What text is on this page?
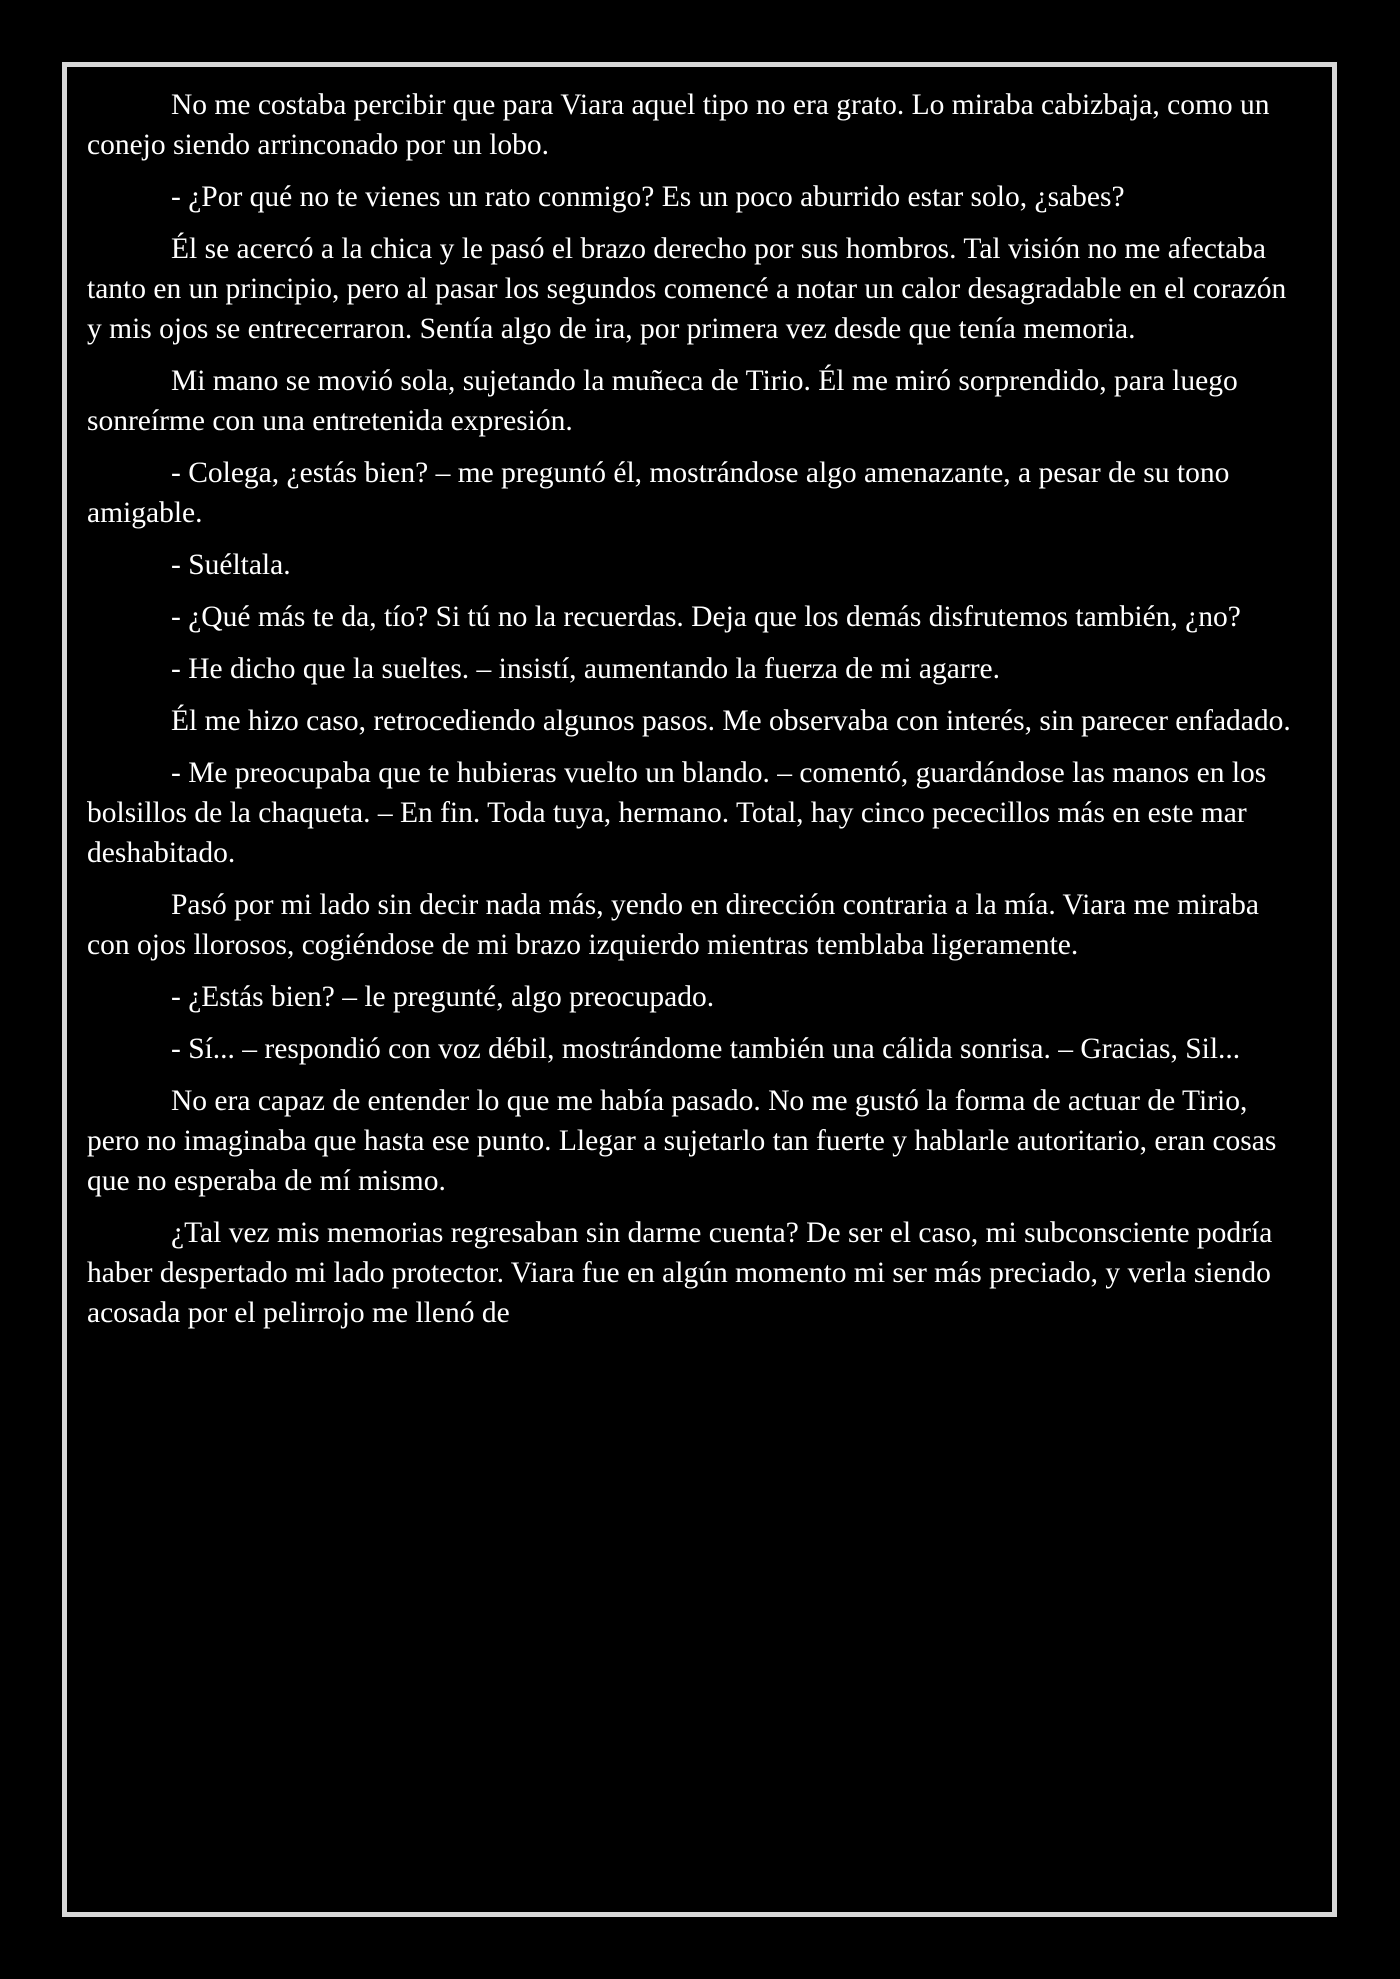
No me costaba percibir que para Viara aquel tipo no era grato. Lo miraba cabizbaja, como un conejo siendo arrinconado por un lobo.

- ¿Por qué no te vienes un rato conmigo? Es un poco aburrido estar solo, ¿sabes?

Él se acercó a la chica y le pasó el brazo derecho por sus hombros. Tal visión no me afectaba tanto en un principio, pero al pasar los segundos comencé a notar un calor desagradable en el corazón y mis ojos se entrecerraron. Sentía algo de ira, por primera vez desde que tenía memoria.

Mi mano se movió sola, sujetando la muñeca de Tirio. Él me miró sorprendido, para luego sonreírme con una entretenida expresión.

- Colega, ¿estás bien? – me preguntó él, mostrándose algo amenazante, a pesar de su tono amigable.

- Suéltala.

- ¿Qué más te da, tío? Si tú no la recuerdas. Deja que los demás disfrutemos también, ¿no?

- He dicho que la sueltes. – insistí, aumentando la fuerza de mi agarre.

Él me hizo caso, retrocediendo algunos pasos. Me observaba con interés, sin parecer enfadado.

- Me preocupaba que te hubieras vuelto un blando. – comentó, guardándose las manos en los bolsillos de la chaqueta. – En fin. Toda tuya, hermano. Total, hay cinco pececillos más en este mar deshabitado.

Pasó por mi lado sin decir nada más, yendo en dirección contraria a la mía. Viara me miraba con ojos llorosos, cogiéndose de mi brazo izquierdo mientras temblaba ligeramente.

- ¿Estás bien? – le pregunté, algo preocupado.

- Sí... – respondió con voz débil, mostrándome también una cálida sonrisa. – Gracias, Sil...

No era capaz de entender lo que me había pasado. No me gustó la forma de actuar de Tirio, pero no imaginaba que hasta ese punto. Llegar a sujetarlo tan fuerte y hablarle autoritario, eran cosas que no esperaba de mí mismo.

¿Tal vez mis memorias regresaban sin darme cuenta? De ser el caso, mi subconsciente podría haber despertado mi lado protector. Viara fue en algún momento mi ser más preciado, y verla siendo acosada por el pelirrojo me llenó de
